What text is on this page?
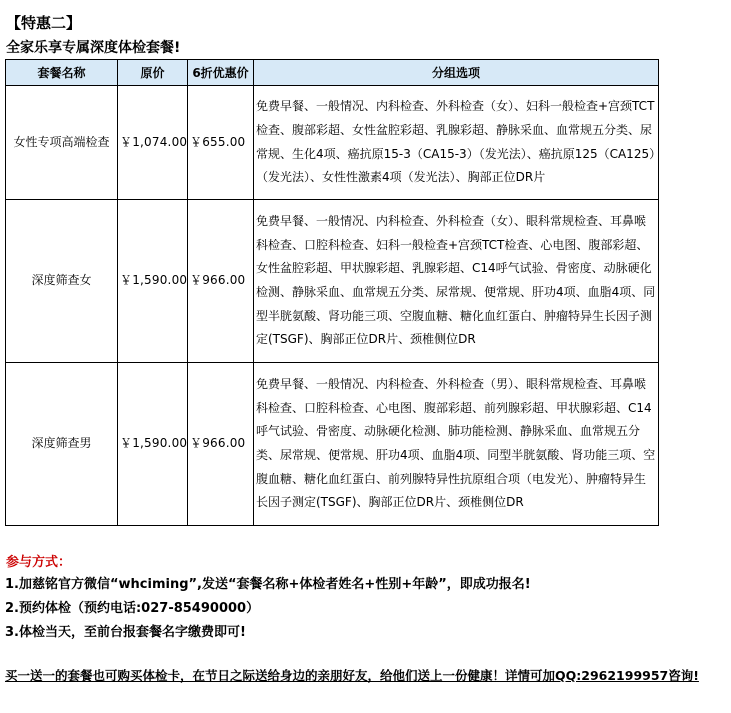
【特惠二】
全家乐享专属深度体检套餐!
套餐名称	原价	6折优惠价	分组选项
女性专项高端检查	￥1,074.00	￥655.00	免费早餐、一般情况、内科检查、外科检查（女）、妇科一般检查+宫颈TCT检查、腹部彩超、女性盆腔彩超、乳腺彩超、静脉采血、血常规五分类、尿常规、生化4项、癌抗原15-3（CA15-3）（发光法）、癌抗原125（CA125）（发光法）、女性性激素4项（发光法）、胸部正位DR片
深度筛查女	￥1,590.00	￥966.00	免费早餐、一般情况、内科检查、外科检查（女）、眼科常规检查、耳鼻喉科检查、口腔科检查、妇科一般检查+宫颈TCT检查、心电图、腹部彩超、女性盆腔彩超、甲状腺彩超、乳腺彩超、C14呼气试验、骨密度、动脉硬化检测、静脉采血、血常规五分类、尿常规、便常规、肝功4项、血脂4项、同型半胱氨酸、肾功能三项、空腹血糖、糖化血红蛋白、肿瘤特异生长因子测定(TSGF)、胸部正位DR片、颈椎侧位DR
深度筛查男	￥1,590.00	￥966.00	免费早餐、一般情况、内科检查、外科检查（男）、眼科常规检查、耳鼻喉科检查、口腔科检查、心电图、腹部彩超、前列腺彩超、甲状腺彩超、C14呼气试验、骨密度、动脉硬化检测、肺功能检测、静脉采血、血常规五分类、尿常规、便常规、肝功4项、血脂4项、同型半胱氨酸、肾功能三项、空腹血糖、糖化血红蛋白、前列腺特异性抗原组合项（电发光）、肿瘤特异生长因子测定(TSGF)、胸部正位DR片、颈椎侧位DR
参与方式：
1.加慈铭官方微信“whciming”,发送“套餐名称+体检者姓名+性别+年龄”，即成功报名!
2.预约体检（预约电话:027-85490000）
3.体检当天，至前台报套餐名字缴费即可!
买一送一的套餐也可购买体检卡，在节日之际送给身边的亲朋好友，给他们送上一份健康！详情可加QQ:2962199957咨询!
